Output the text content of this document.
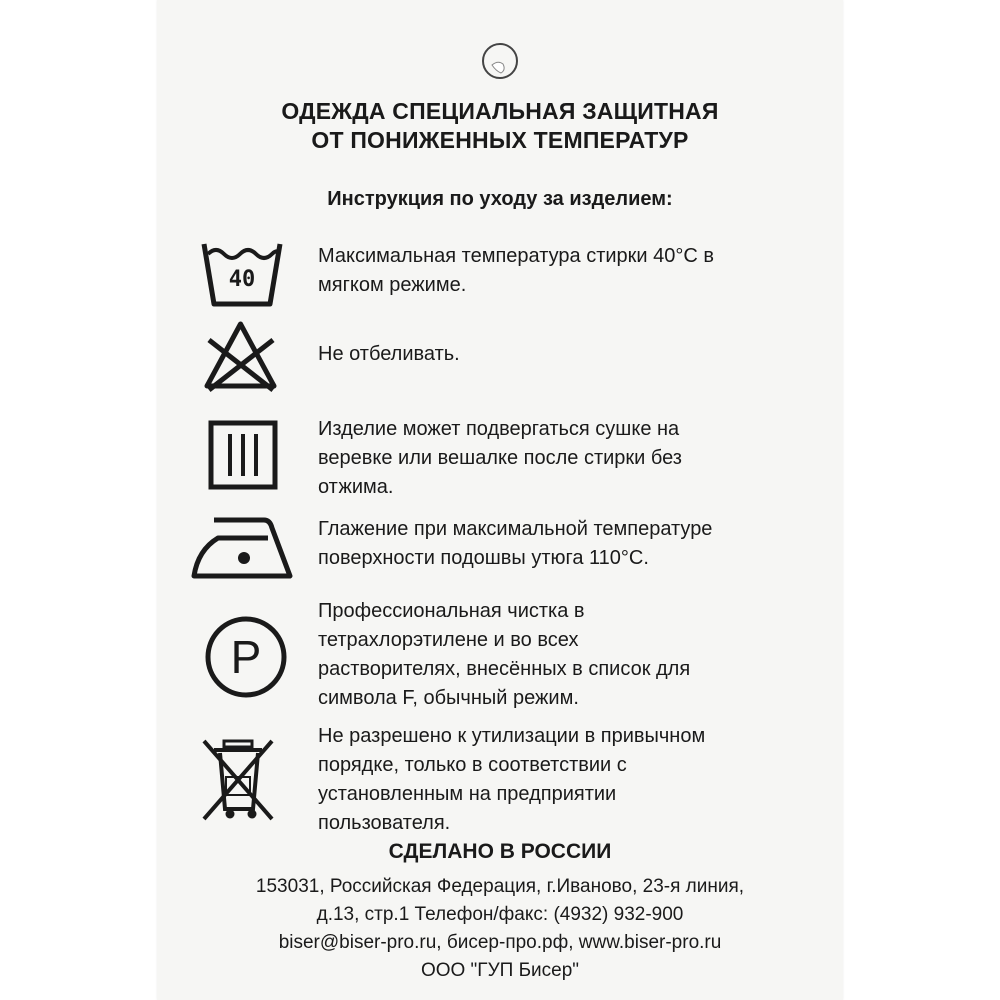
ОДЕЖДА СПЕЦИАЛЬНАЯ ЗАЩИТНАЯ
ОТ ПОНИЖЕННЫХ ТЕМПЕРАТУР
Инструкция по уходу за изделием:
40
Максимальная температура стирки 40°C в
мягком режиме.
Не отбеливать.
Изделие может подвергаться сушке на
веревке или вешалке после стирки без
отжима.
Глажение при максимальной температуре
поверхности подошвы утюга 110°C.
P
Профессиональная чистка в
тетрахлорэтилене и во всех
растворителях, внесённых в список для
символа F, обычный режим.
Не разрешено к утилизации в привычном
порядке, только в соответствии с
установленным на предприятии
пользователя.
СДЕЛАНО В РОССИИ
153031, Российская Федерация, г.Иваново, 23-я линия,
д.13, стр.1 Телефон/факс: (4932) 932-900
biser@biser-pro.ru, бисер-про.рф, www.biser-pro.ru
ООО "ГУП Бисер"
